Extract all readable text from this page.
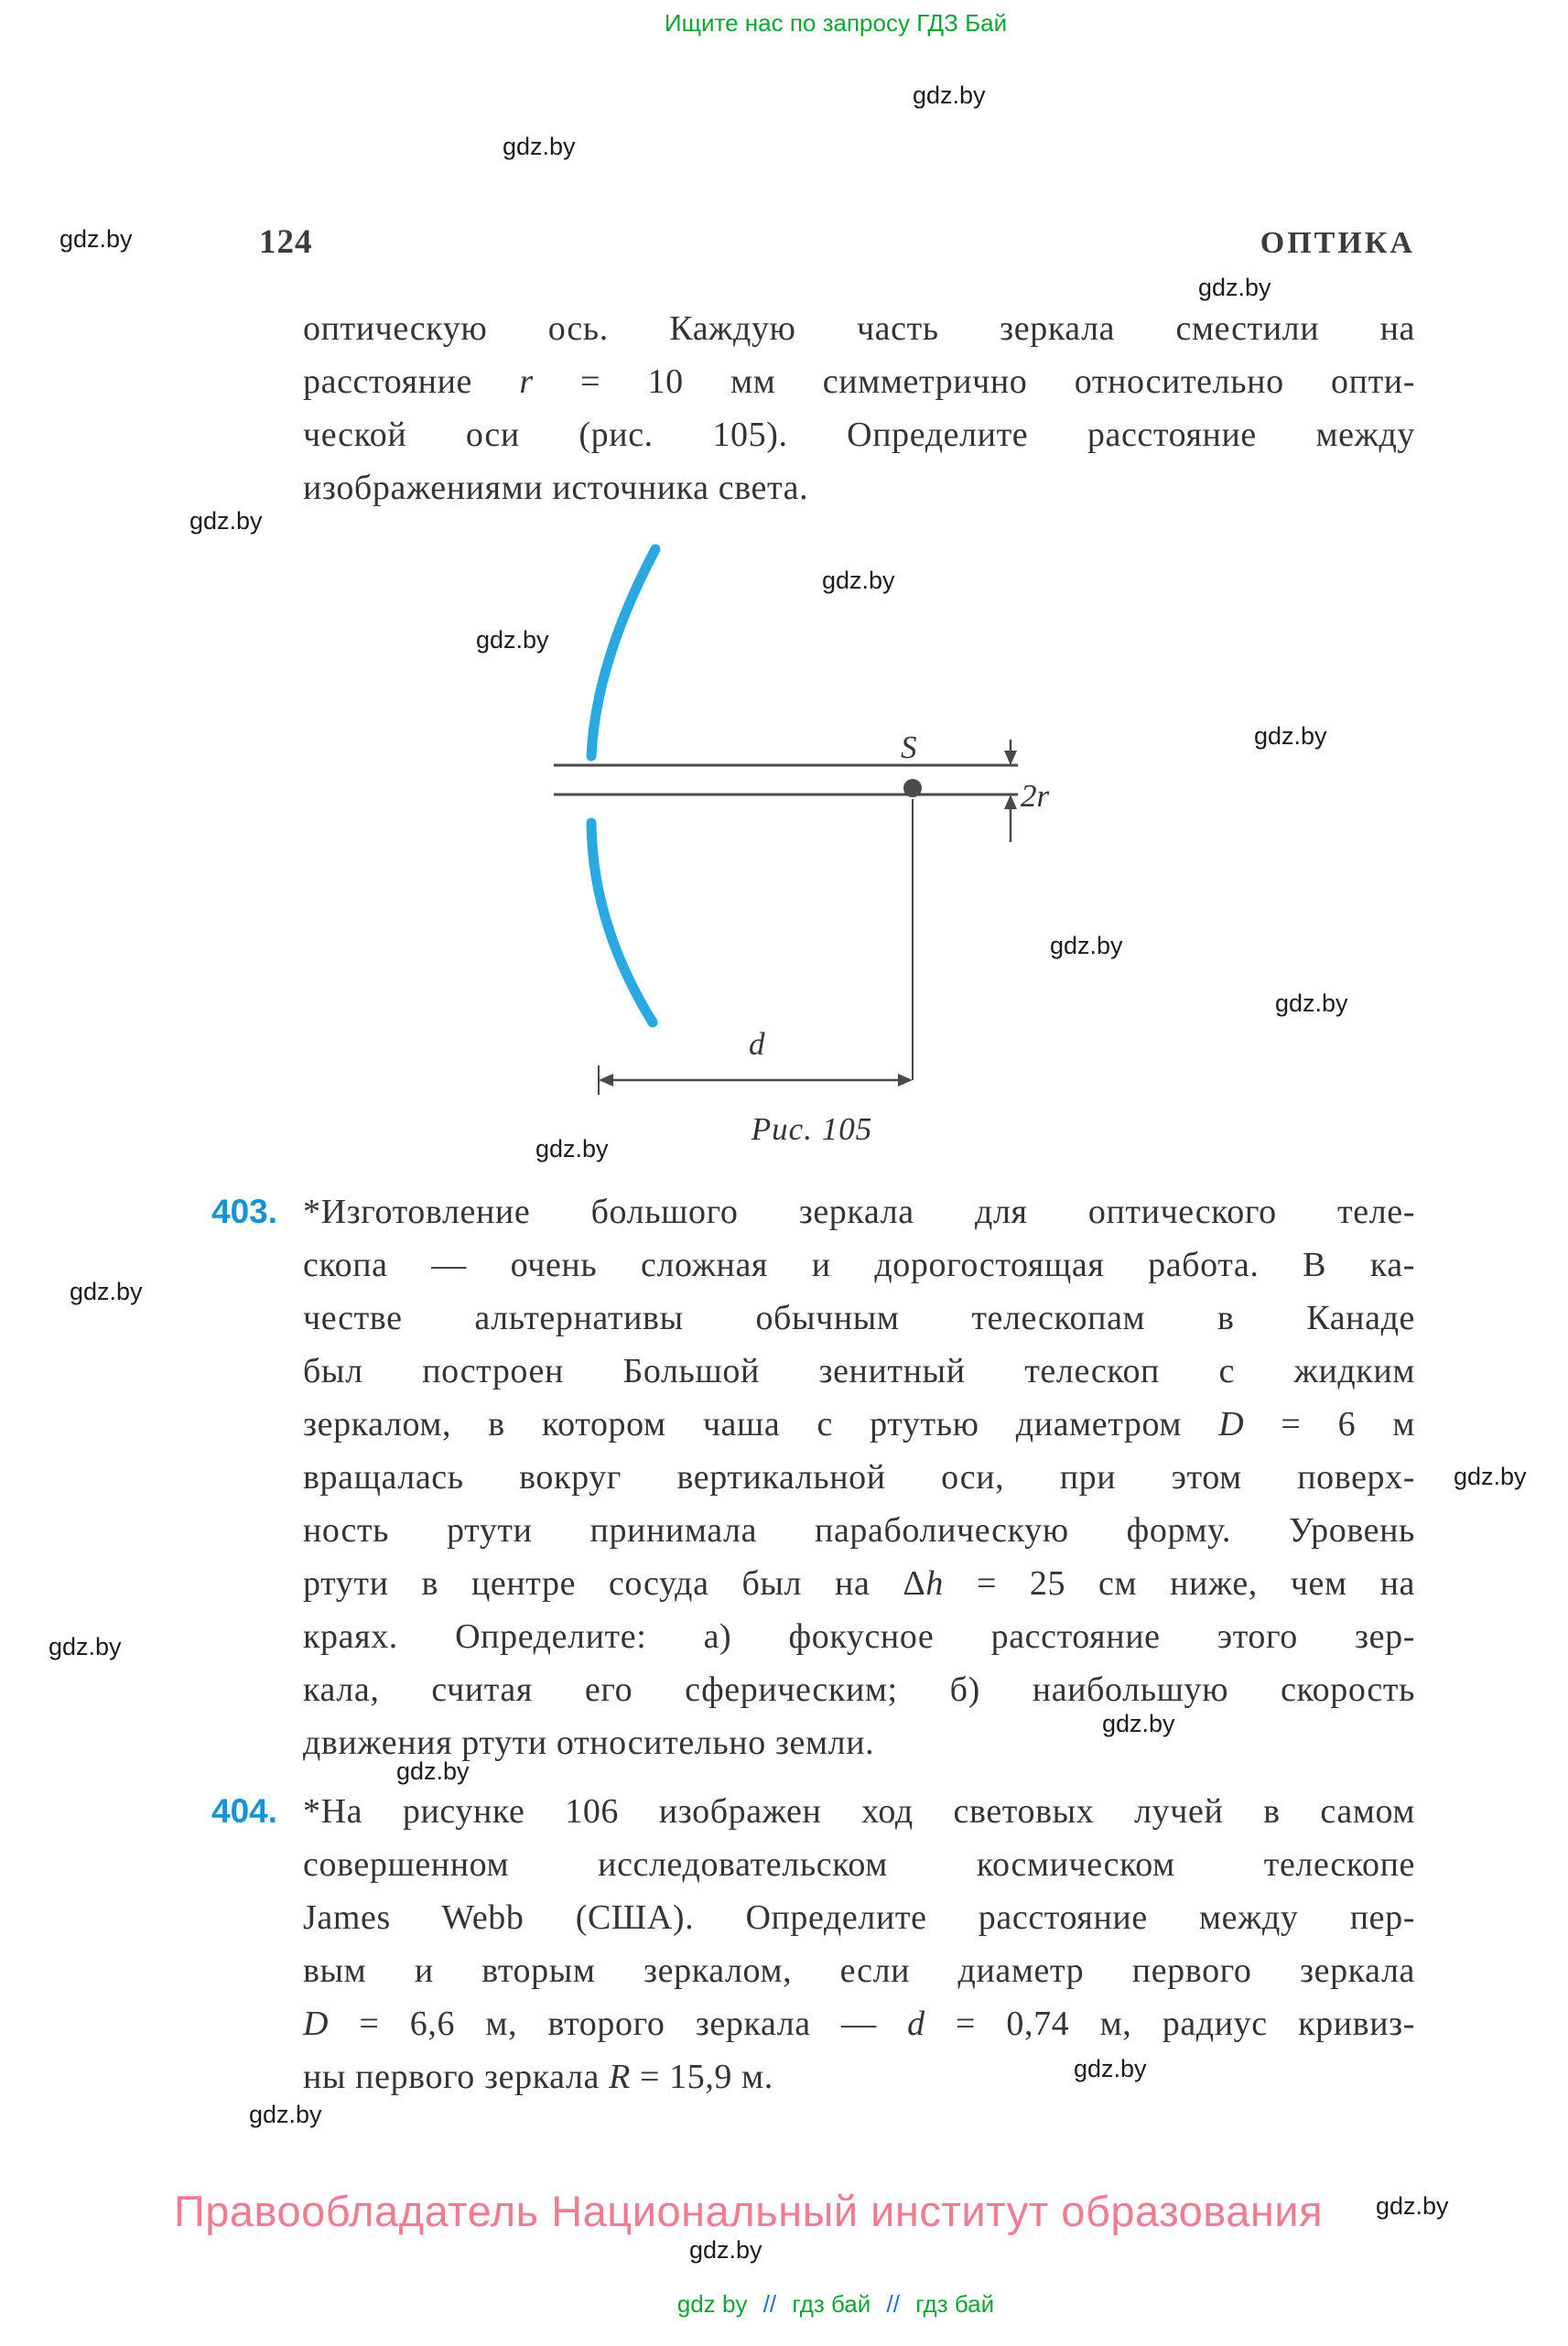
Ищите нас по запросу ГДЗ Бай
124	ОПТИКА
оптическую ось. Каждую часть зеркала сместили на
расстояние r = 10 мм симметрично относительно опти-
ческой оси (рис. 105). Определите расстояние между
изображениями источника света.
S
2r
d
Рис. 105
403. *Изготовление большого зеркала для оптического теле-
скопа — очень сложная и дорогостоящая работа. В ка-
честве альтернативы обычным телескопам в Канаде
был построен Большой зенитный телескоп с жидким
зеркалом, в котором чаша с ртутью диаметром D = 6 м
вращалась вокруг вертикальной оси, при этом поверх-
ность ртути принимала параболическую форму. Уровень
ртути в центре сосуда был на Δh = 25 см ниже, чем на
краях. Определите: а) фокусное расстояние этого зер-
кала, считая его сферическим; б) наибольшую скорость
движения ртути относительно земли.
404. *На рисунке 106 изображен ход световых лучей в самом
совершенном исследовательском космическом телескопе
James Webb (США). Определите расстояние между пер-
вым и вторым зеркалом, если диаметр первого зеркала
D = 6,6 м, второго зеркала — d = 0,74 м, радиус кривиз-
ны первого зеркала R = 15,9 м.
Правообладатель Национальный институт образования
gdz by // гдз бай // гдз бай
gdz.by
gdz.by
gdz.by
gdz.by
gdz.by
gdz.by
gdz.by
gdz.by
gdz.by
gdz.by
gdz.by
gdz.by
gdz.by
gdz.by
gdz.by
gdz.by
gdz.by
gdz.by
gdz.by
gdz.by
